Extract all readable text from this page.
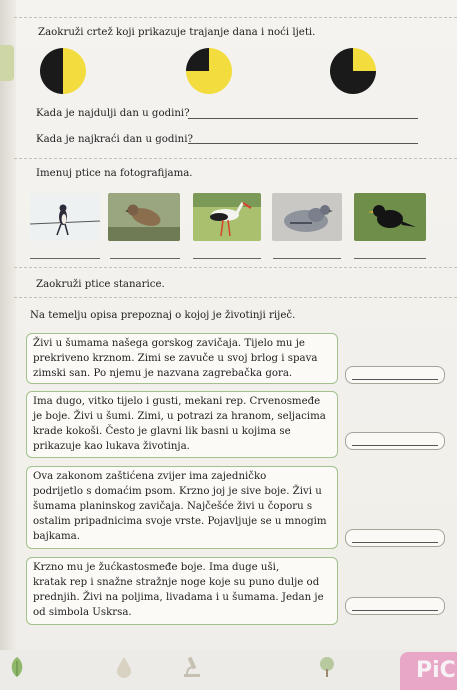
Zaokruži crtež koji prikazuje trajanje dana i noći ljeti.
Kada je najdulji dan u godini?
Kada je najkraći dan u godini?
Imenuj ptice na fotografijama.
Zaokruži ptice stanarice.
Na temelju opisa prepoznaj o kojoj je životinji riječ.

Živi u šumama našega gorskog zavičaja. Tijelo mu je

prekriveno krznom. Zimi se zavuče u svoj brlog i spava

zimski san. Po njemu je nazvana zagrebačka gora.

Ima dugo, vitko tijelo i gusti, mekani rep. Crvenosmeđe

je boje. Živi u šumi. Zimi, u potrazi za hranom, seljacima

krade kokoši. Često je glavni lik basni u kojima se

prikazuje kao lukava životinja.

Ova zakonom zaštićena zvijer ima zajedničko

podrijetlo s domaćim psom. Krzno joj je sive boje. Živi u

šumama planinskog zavičaja. Najčešće živi u čoporu s

ostalim pripadnicima svoje vrste. Pojavljuje se u mnogim

bajkama.

Krzno mu je žućkastosmeđe boje. Ima duge uši,

kratak rep i snažne stražnje noge koje su puno dulje od

prednjih. Živi na poljima, livadama i u šumama. Jedan je

od simbola Uskrsa.

PiC
